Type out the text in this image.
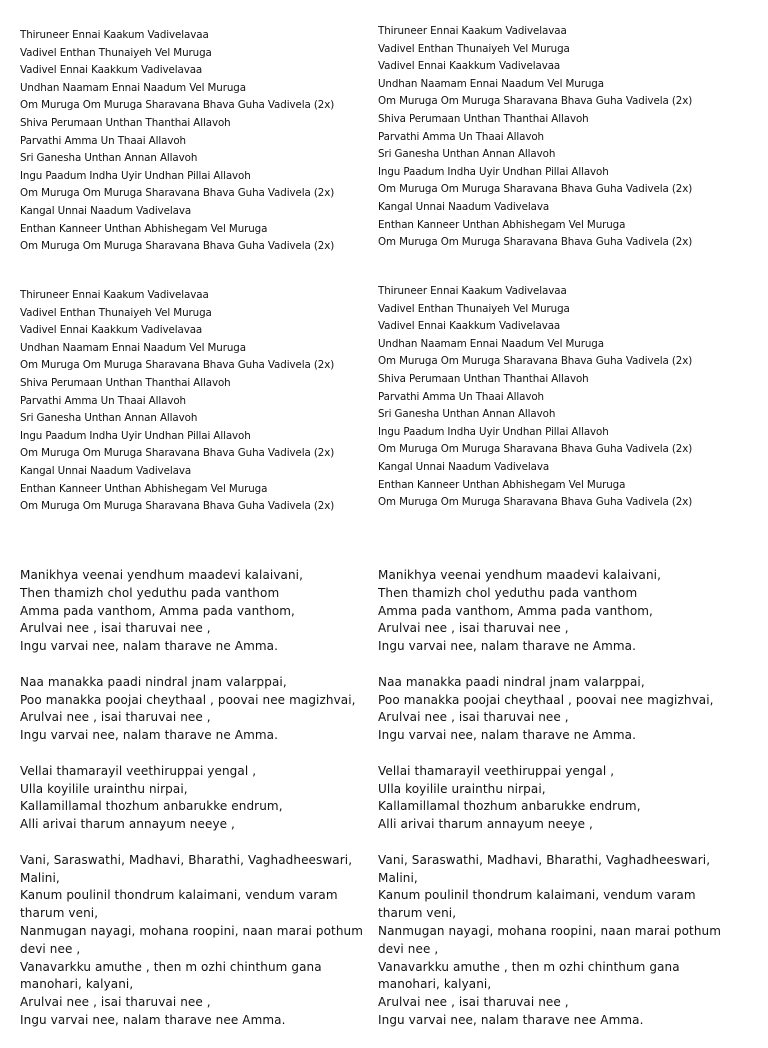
Thiruneer Ennai Kaakum Vadivelavaa
Vadivel Enthan Thunaiyeh Vel Muruga
Vadivel Ennai Kaakkum Vadivelavaa
Undhan Naamam Ennai Naadum Vel Muruga
Om Muruga Om Muruga Sharavana Bhava Guha Vadivela (2x)
Shiva Perumaan Unthan Thanthai Allavoh
Parvathi Amma Un Thaai Allavoh
Sri Ganesha Unthan Annan Allavoh
Ingu Paadum Indha Uyir Undhan Pillai Allavoh
Om Muruga Om Muruga Sharavana Bhava Guha Vadivela (2x)
Kangal Unnai Naadum Vadivelava
Enthan Kanneer Unthan Abhishegam Vel Muruga
Om Muruga Om Muruga Sharavana Bhava Guha Vadivela (2x)
Thiruneer Ennai Kaakum Vadivelavaa
Vadivel Enthan Thunaiyeh Vel Muruga
Vadivel Ennai Kaakkum Vadivelavaa
Undhan Naamam Ennai Naadum Vel Muruga
Om Muruga Om Muruga Sharavana Bhava Guha Vadivela (2x)
Shiva Perumaan Unthan Thanthai Allavoh
Parvathi Amma Un Thaai Allavoh
Sri Ganesha Unthan Annan Allavoh
Ingu Paadum Indha Uyir Undhan Pillai Allavoh
Om Muruga Om Muruga Sharavana Bhava Guha Vadivela (2x)
Kangal Unnai Naadum Vadivelava
Enthan Kanneer Unthan Abhishegam Vel Muruga
Om Muruga Om Muruga Sharavana Bhava Guha Vadivela (2x)
Thiruneer Ennai Kaakum Vadivelavaa
Vadivel Enthan Thunaiyeh Vel Muruga
Vadivel Ennai Kaakkum Vadivelavaa
Undhan Naamam Ennai Naadum Vel Muruga
Om Muruga Om Muruga Sharavana Bhava Guha Vadivela (2x)
Shiva Perumaan Unthan Thanthai Allavoh
Parvathi Amma Un Thaai Allavoh
Sri Ganesha Unthan Annan Allavoh
Ingu Paadum Indha Uyir Undhan Pillai Allavoh
Om Muruga Om Muruga Sharavana Bhava Guha Vadivela (2x)
Kangal Unnai Naadum Vadivelava
Enthan Kanneer Unthan Abhishegam Vel Muruga
Om Muruga Om Muruga Sharavana Bhava Guha Vadivela (2x)
Thiruneer Ennai Kaakum Vadivelavaa
Vadivel Enthan Thunaiyeh Vel Muruga
Vadivel Ennai Kaakkum Vadivelavaa
Undhan Naamam Ennai Naadum Vel Muruga
Om Muruga Om Muruga Sharavana Bhava Guha Vadivela (2x)
Shiva Perumaan Unthan Thanthai Allavoh
Parvathi Amma Un Thaai Allavoh
Sri Ganesha Unthan Annan Allavoh
Ingu Paadum Indha Uyir Undhan Pillai Allavoh
Om Muruga Om Muruga Sharavana Bhava Guha Vadivela (2x)
Kangal Unnai Naadum Vadivelava
Enthan Kanneer Unthan Abhishegam Vel Muruga
Om Muruga Om Muruga Sharavana Bhava Guha Vadivela (2x)
Manikhya veenai yendhum maadevi kalaivani,
Then thamizh chol yeduthu pada vanthom
Amma pada vanthom, Amma pada vanthom,
Arulvai nee , isai tharuvai nee ,
Ingu varvai nee, nalam tharave ne Amma.
Naa manakka paadi nindral jnam valarppai,
Poo manakka poojai cheythaal , poovai nee magizhvai,
Arulvai nee , isai tharuvai nee ,
Ingu varvai nee, nalam tharave ne Amma.
Vellai thamarayil veethiruppai yengal ,
Ulla koyilile urainthu nirpai,
Kallamillamal thozhum anbarukke endrum,
Alli arivai tharum annayum neeye ,
Vani, Saraswathi, Madhavi, Bharathi, Vaghadheeswari,
Malini,
Kanum poulinil thondrum kalaimani, vendum varam
tharum veni,
Nanmugan nayagi, mohana roopini, naan marai pothum
devi nee ,
Vanavarkku amuthe , then m ozhi chinthum gana
manohari, kalyani,
Arulvai nee , isai tharuvai nee ,
Ingu varvai nee, nalam tharave nee Amma.
Manikhya veenai yendhum maadevi kalaivani,
Then thamizh chol yeduthu pada vanthom
Amma pada vanthom, Amma pada vanthom,
Arulvai nee , isai tharuvai nee ,
Ingu varvai nee, nalam tharave ne Amma.
Naa manakka paadi nindral jnam valarppai,
Poo manakka poojai cheythaal , poovai nee magizhvai,
Arulvai nee , isai tharuvai nee ,
Ingu varvai nee, nalam tharave ne Amma.
Vellai thamarayil veethiruppai yengal ,
Ulla koyilile urainthu nirpai,
Kallamillamal thozhum anbarukke endrum,
Alli arivai tharum annayum neeye ,
Vani, Saraswathi, Madhavi, Bharathi, Vaghadheeswari,
Malini,
Kanum poulinil thondrum kalaimani, vendum varam
tharum veni,
Nanmugan nayagi, mohana roopini, naan marai pothum
devi nee ,
Vanavarkku amuthe , then m ozhi chinthum gana
manohari, kalyani,
Arulvai nee , isai tharuvai nee ,
Ingu varvai nee, nalam tharave nee Amma.
